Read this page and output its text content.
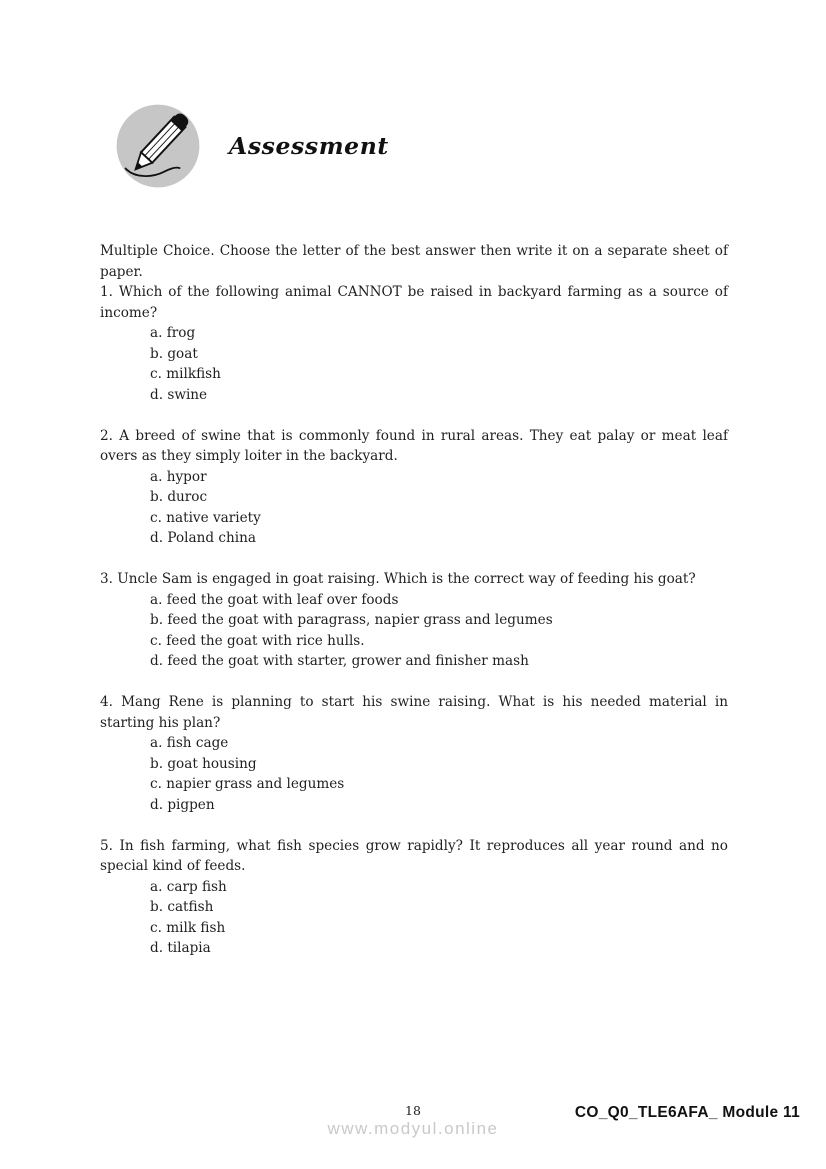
Assessment

Multiple Choice. Choose the letter of the best answer then write it on a separate sheet of paper.

1. Which of the following animal CANNOT be raised in backyard farming as a source of income?

a. frog
b. goat
c. milkfish
d. swine

2. A breed of swine that is commonly found in rural areas. They eat palay or meat leaf overs as they simply loiter in the backyard.

a. hypor
b. duroc
c. native variety
d. Poland china

3. Uncle Sam is engaged in goat raising. Which is the correct way of feeding his goat?

a. feed the goat with leaf over foods
b. feed the goat with paragrass, napier grass and legumes
c. feed the goat with rice hulls.
d. feed the goat with starter, grower and finisher mash

4. Mang Rene is planning to start his swine raising. What is his needed material in starting his plan?

a. fish cage
b. goat housing
c. napier grass and legumes
d. pigpen

5. In fish farming, what fish species grow rapidly? It reproduces all year round and no special kind of feeds.

a. carp fish
b. catfish
c. milk fish
d. tilapia
18
www.modyul.online
CO_Q0_TLE6AFA_ Module 11
